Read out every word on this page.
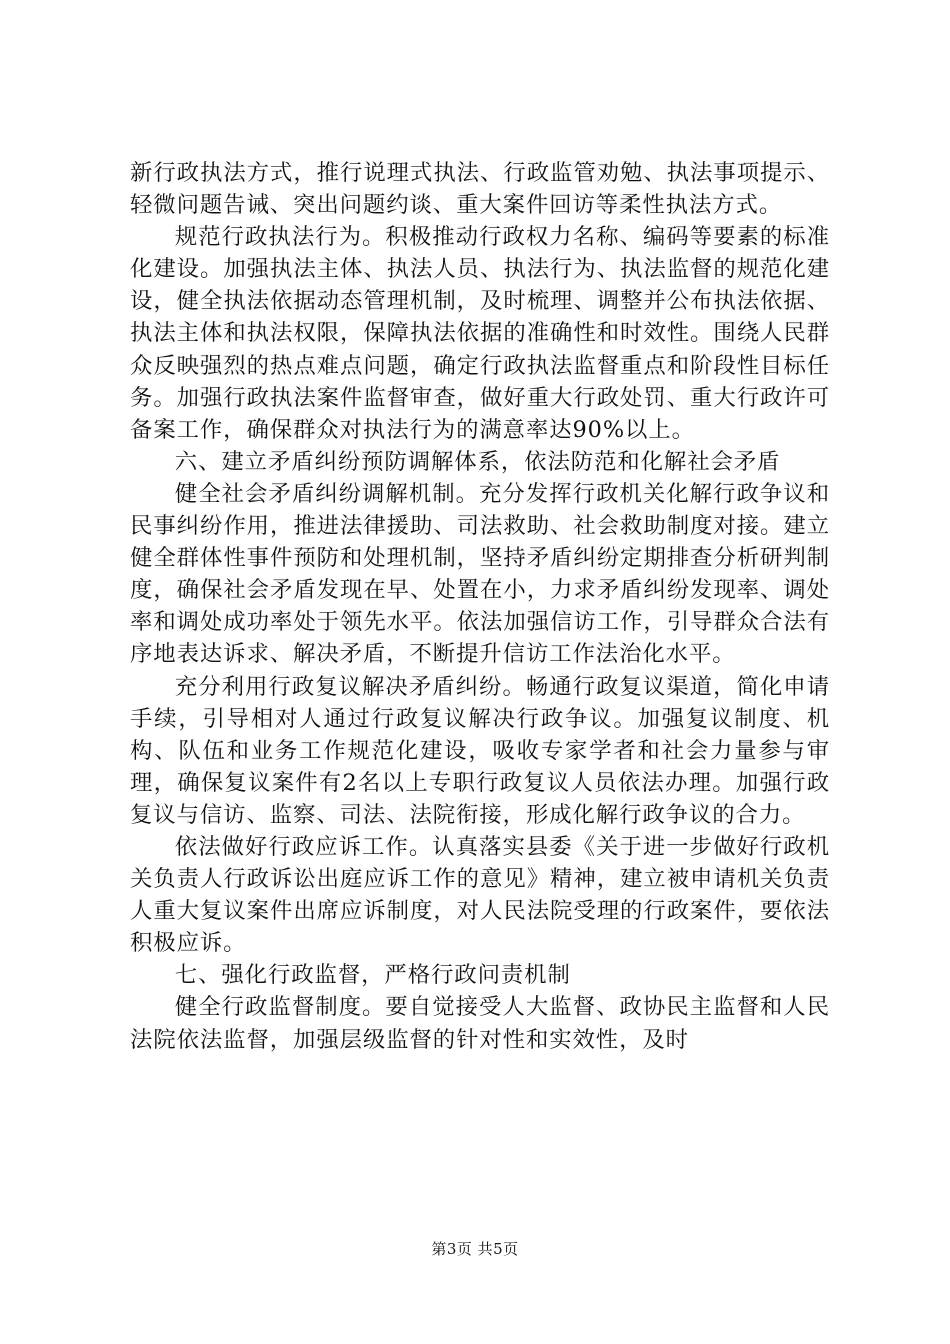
新行政执法方式，推行说理式执法、行政监管劝勉、执法事项提示、轻微问题告诫、突出问题约谈、重大案件回访等柔性执法方式。

规范行政执法行为。积极推动行政权力名称、编码等要素的标准化建设。加强执法主体、执法人员、执法行为、执法监督的规范化建设，健全执法依据动态管理机制，及时梳理、调整并公布执法依据、执法主体和执法权限，保障执法依据的准确性和时效性。围绕人民群众反映强烈的热点难点问题，确定行政执法监督重点和阶段性目标任务。加强行政执法案件监督审查，做好重大行政处罚、重大行政许可备案工作，确保群众对执法行为的满意率达90%以上。

六、建立矛盾纠纷预防调解体系，依法防范和化解社会矛盾

健全社会矛盾纠纷调解机制。充分发挥行政机关化解行政争议和民事纠纷作用，推进法律援助、司法救助、社会救助制度对接。建立健全群体性事件预防和处理机制，坚持矛盾纠纷定期排查分析研判制度，确保社会矛盾发现在早、处置在小，力求矛盾纠纷发现率、调处率和调处成功率处于领先水平。依法加强信访工作，引导群众合法有序地表达诉求、解决矛盾，不断提升信访工作法治化水平。

充分利用行政复议解决矛盾纠纷。畅通行政复议渠道，简化申请手续，引导相对人通过行政复议解决行政争议。加强复议制度、机构、队伍和业务工作规范化建设，吸收专家学者和社会力量参与审理，确保复议案件有2名以上专职行政复议人员依法办理。加强行政复议与信访、监察、司法、法院衔接，形成化解行政争议的合力。

依法做好行政应诉工作。认真落实县委《关于进一步做好行政机关负责人行政诉讼出庭应诉工作的意见》精神，建立被申请机关负责人重大复议案件出席应诉制度，对人民法院受理的行政案件，要依法积极应诉。

七、强化行政监督，严格行政问责机制

健全行政监督制度。要自觉接受人大监督、政协民主监督和人民法院依法监督，加强层级监督的针对性和实效性，及时

第3页 共5页
